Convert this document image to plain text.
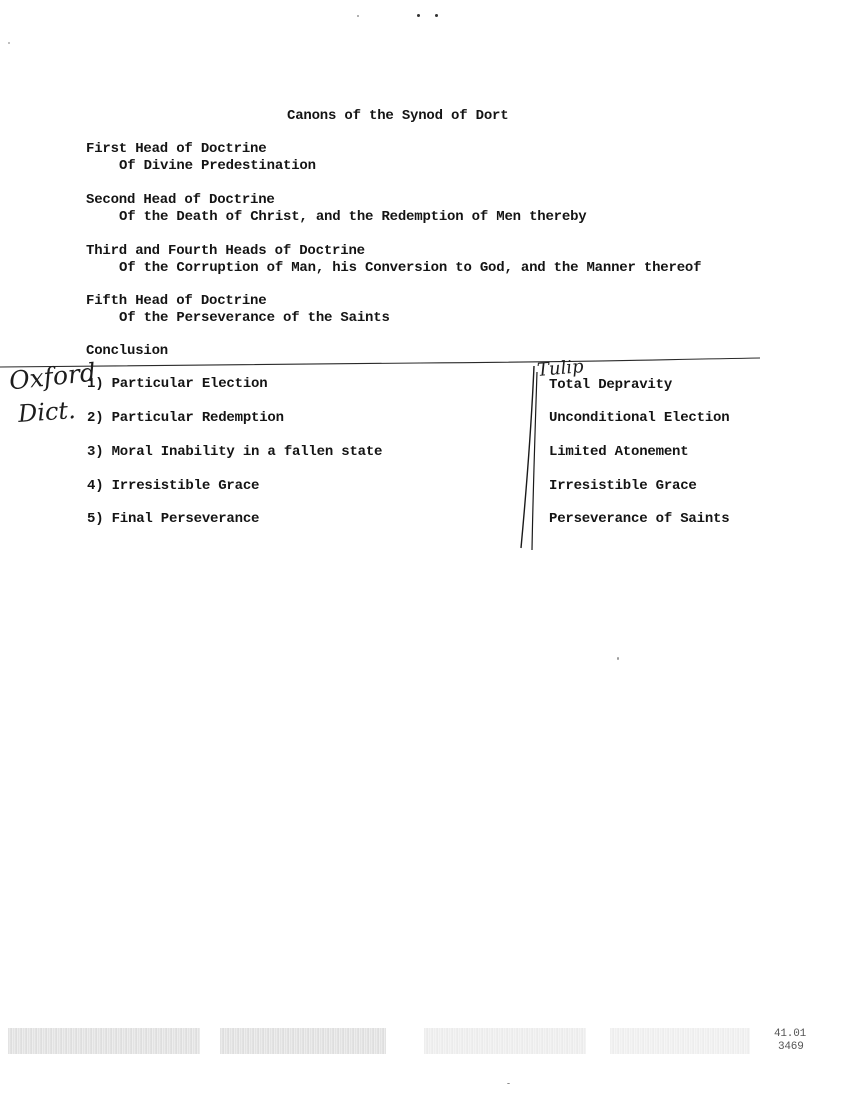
Canons of the Synod of Dort
First Head of Doctrine
Of Divine Predestination
Second Head of Doctrine
Of the Death of Christ, and the Redemption of Men thereby
Third and Fourth Heads of Doctrine
Of the Corruption of Man, his Conversion to God, and the Manner thereof
Fifth Head of Doctrine
Of the Perseverance of the Saints
Conclusion
1) Particular Election
2) Particular Redemption
3) Moral Inability in a fallen state
4) Irresistible Grace
5) Final Perseverance
Total Depravity
Unconditional Election
Limited Atonement
Irresistible Grace
Perseverance of Saints
Oxford
Dict.
Tulip
41.01
3469
